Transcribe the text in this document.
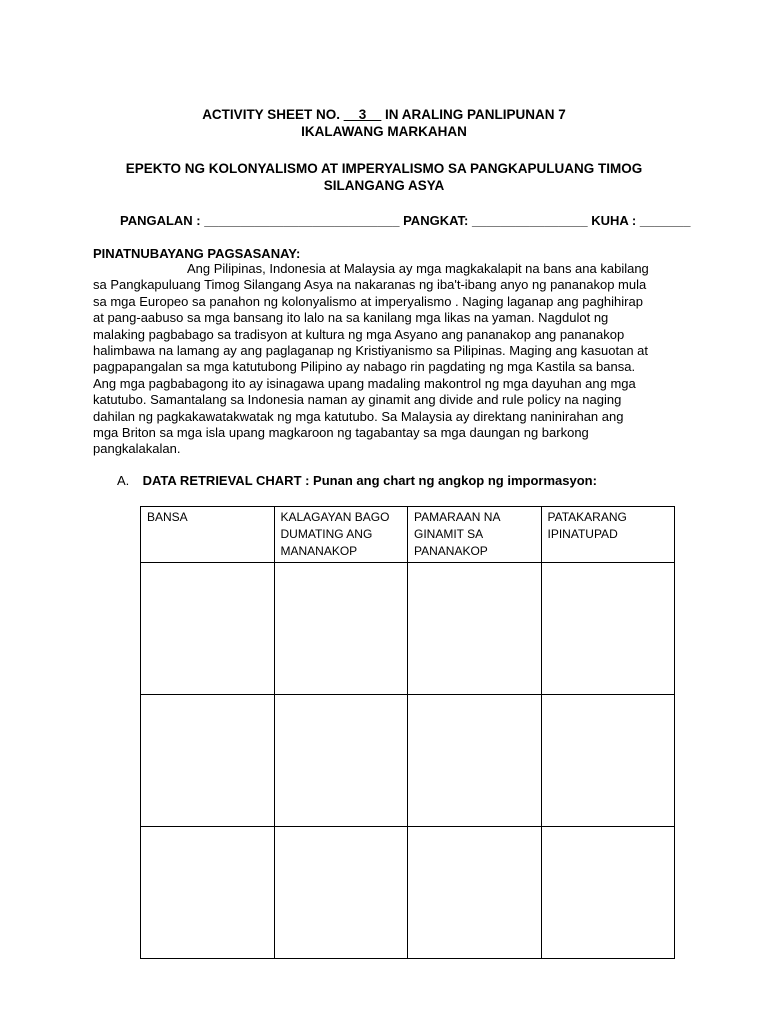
ACTIVITY SHEET NO. __3__ IN ARALING PANLIPUNAN 7
IKALAWANG MARKAHAN
EPEKTO NG KOLONYALISMO AT IMPERYALISMO SA PANGKAPULUANG TIMOG
SILANGANG ASYA
PANGALAN : ___________________________ PANGKAT: ________________ KUHA : _______
PINATNUBAYANG PAGSASANAY:
Ang Pilipinas, Indonesia at Malaysia ay mga magkakalapit na bans ana kabilang
sa Pangkapuluang Timog Silangang Asya na nakaranas ng iba't-ibang anyo ng pananakop mula
sa mga Europeo sa panahon ng kolonyalismo at imperyalismo . Naging laganap ang paghihirap
at pang-aabuso sa mga bansang ito lalo na sa kanilang mga likas na yaman. Nagdulot ng
malaking pagbabago sa tradisyon at kultura ng mga Asyano ang pananakop ang pananakop
halimbawa na lamang ay ang paglaganap ng Kristiyanismo sa Pilipinas. Maging ang kasuotan at
pagpapangalan sa mga katutubong Pilipino ay nabago rin pagdating ng mga Kastila sa bansa.
Ang mga pagbabagong ito ay isinagawa upang madaling makontrol ng mga dayuhan ang mga
katutubo. Samantalang sa Indonesia naman ay ginamit ang divide and rule policy na naging
dahilan ng pagkakawatakwatak ng mga katutubo. Sa Malaysia ay direktang naninirahan ang
mga Briton sa mga isla upang magkaroon ng tagabantay sa mga daungan ng barkong
pangkalakalan.
A. DATA RETRIEVAL CHART : Punan ang chart ng angkop ng impormasyon:
BANSA	KALAGAYAN BAGO DUMATING ANG MANANAKOP	PAMARAAN NA GINAMIT SA PANANAKOP	PATAKARANG IPINATUPAD
